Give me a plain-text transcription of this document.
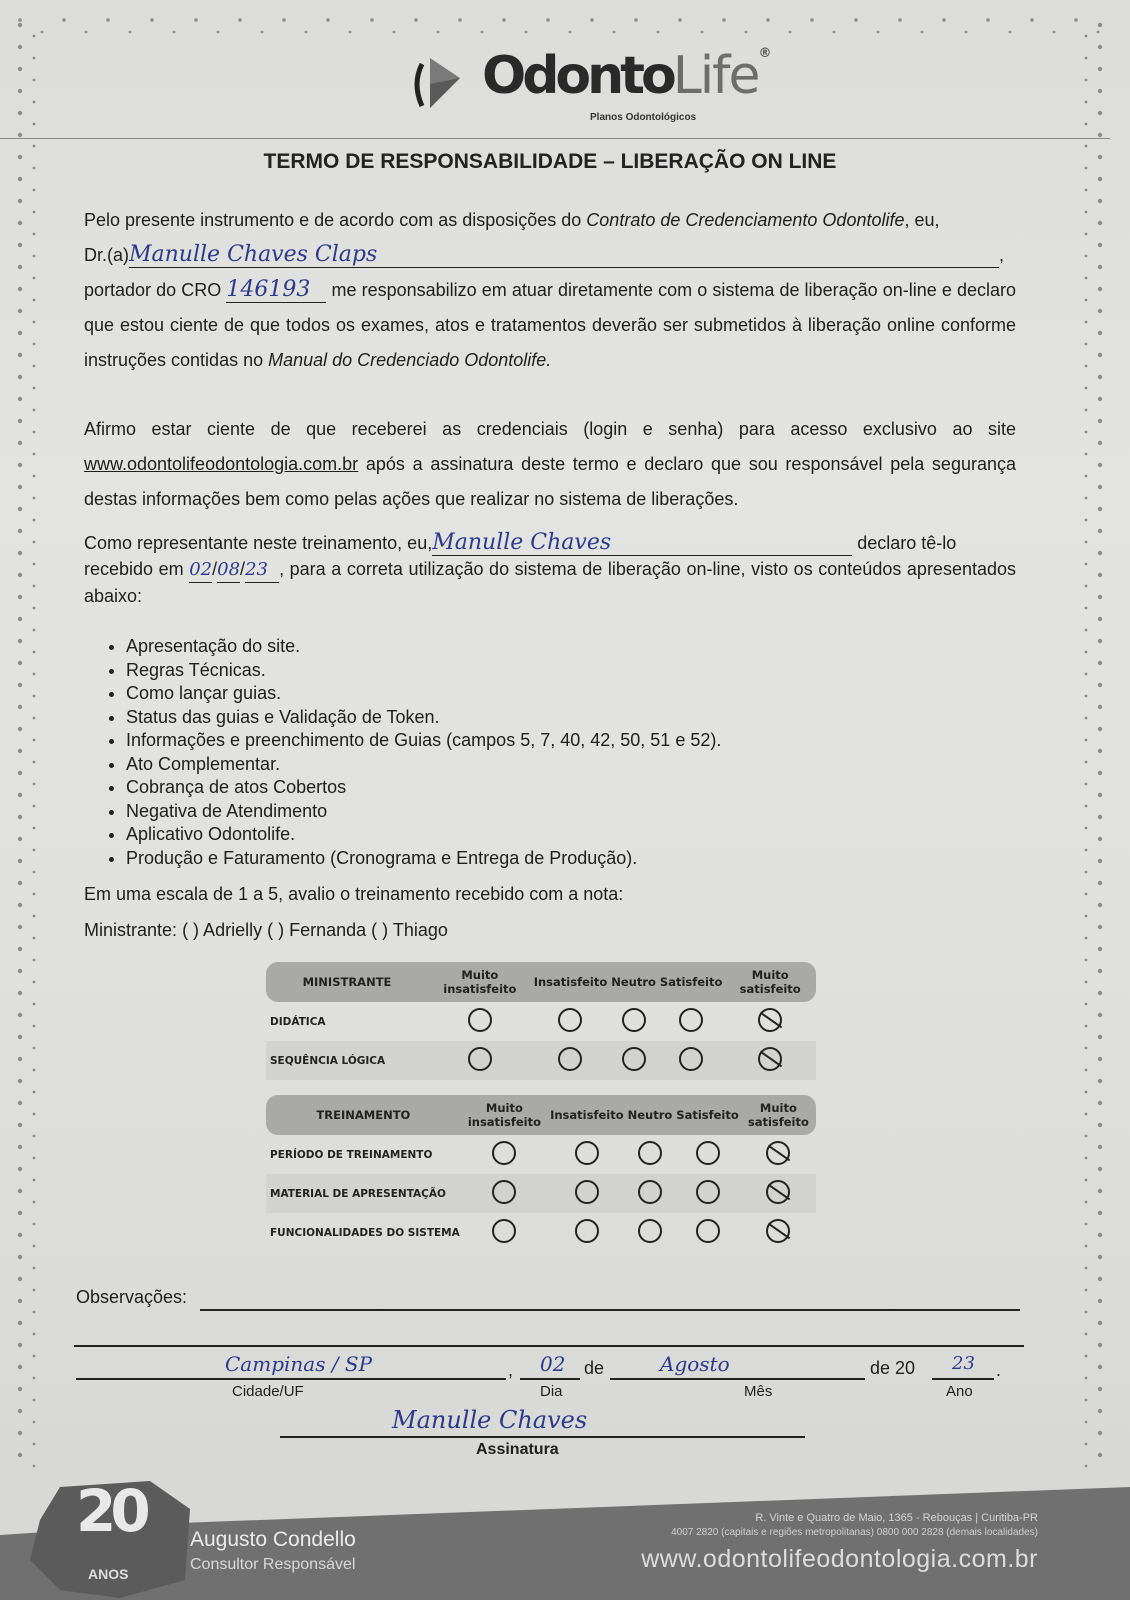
OdontoLife®
Planos Odontológicos
TERMO DE RESPONSABILIDADE – LIBERAÇÃO ON LINE
Pelo presente instrumento e de acordo com as disposições do Contrato de Credenciamento Odontolife, eu,
Dr.(a)Manulle Chaves Claps	,
portador do CRO 146193 me responsabilizo em atuar diretamente com o sistema de liberação on-line e declaro que estou ciente de que todos os exames, atos e tratamentos deverão ser submetidos à liberação online conforme instruções contidas no Manual do Credenciado Odontolife.
Afirmo estar ciente de que receberei as credenciais (login e senha) para acesso exclusivo ao site www.odontolifeodontologia.com.br após a assinatura deste termo e declaro que sou responsável pela segurança destas informações bem como pelas ações que realizar no sistema de liberações.
Como representante neste treinamento, eu,Manulle Chaves	declaro tê-lo
recebido em 02/08/23 , para a correta utilização do sistema de liberação on-line, visto os conteúdos apresentados abaixo:
• Apresentação do site.
• Regras Técnicas.
• Como lançar guias.
• Status das guias e Validação de Token.
• Informações e preenchimento de Guias (campos 5, 7, 40, 42, 50, 51 e 52).
• Ato Complementar.
• Cobrança de atos Cobertos
• Negativa de Atendimento
• Aplicativo Odontolife.
• Produção e Faturamento (Cronograma e Entrega de Produção).
Em uma escala de 1 a 5, avalio o treinamento recebido com a nota:
Ministrante: ( ) Adrielly ( ) Fernanda ( ) Thiago
MINISTRANTE	Muito insatisfeito	Insatisfeito	Neutro	Satisfeito	Muito satisfeito
DIDÁTICA					
SEQUÊNCIA LÓGICA					
TREINAMENTO	Muito insatisfeito	Insatisfeito	Neutro	Satisfeito	Muito satisfeito
PERÍODO DE TREINAMENTO					
MATERIAL DE APRESENTAÇÃO					
FUNCIONALIDADES DO SISTEMA					
Observações:
Campinas / SP	, 02 de	Agosto	de 20 23 .
Cidade/UF	Dia	Mês	Ano
Manulle Chaves
Assinatura
20
ANOS
Augusto Condello
Consultor Responsável
R. Vinte e Quatro de Maio, 1365 - Rebouças | Curitiba-PR
4007 2820 (capitais e regiões metropolitanas) 0800 000 2828 (demais localidades)
www.odontolifeodontologia.com.br
